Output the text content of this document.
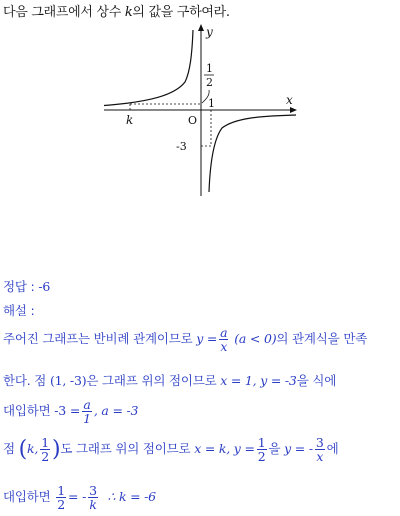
다음 그래프에서 상수 k의 값을 구하여라.
y
x
O
k
1
1
2
-3
정답 : -6
해설 :
주어진 그래프는 반비례 관계이므로 $y = \frac{a}{x} (a < 0)$의 관계식을 만족
한다. 점 (1, -3)은 그래프 위의 점이므로 x = 1, y = -3을 식에
대입하면 $-3 = \frac{a}{1}$ , a = -3
점 (k, $\frac{1}{2}$ )도 그래프 위의 점이므로 x = k, $y = \frac{1}{2}$ 을 y = - $\frac{3}{x}$ 에
대입하면 $\frac{1}{2}$ = - $\frac{3}{k}$ ∴ k = -6
